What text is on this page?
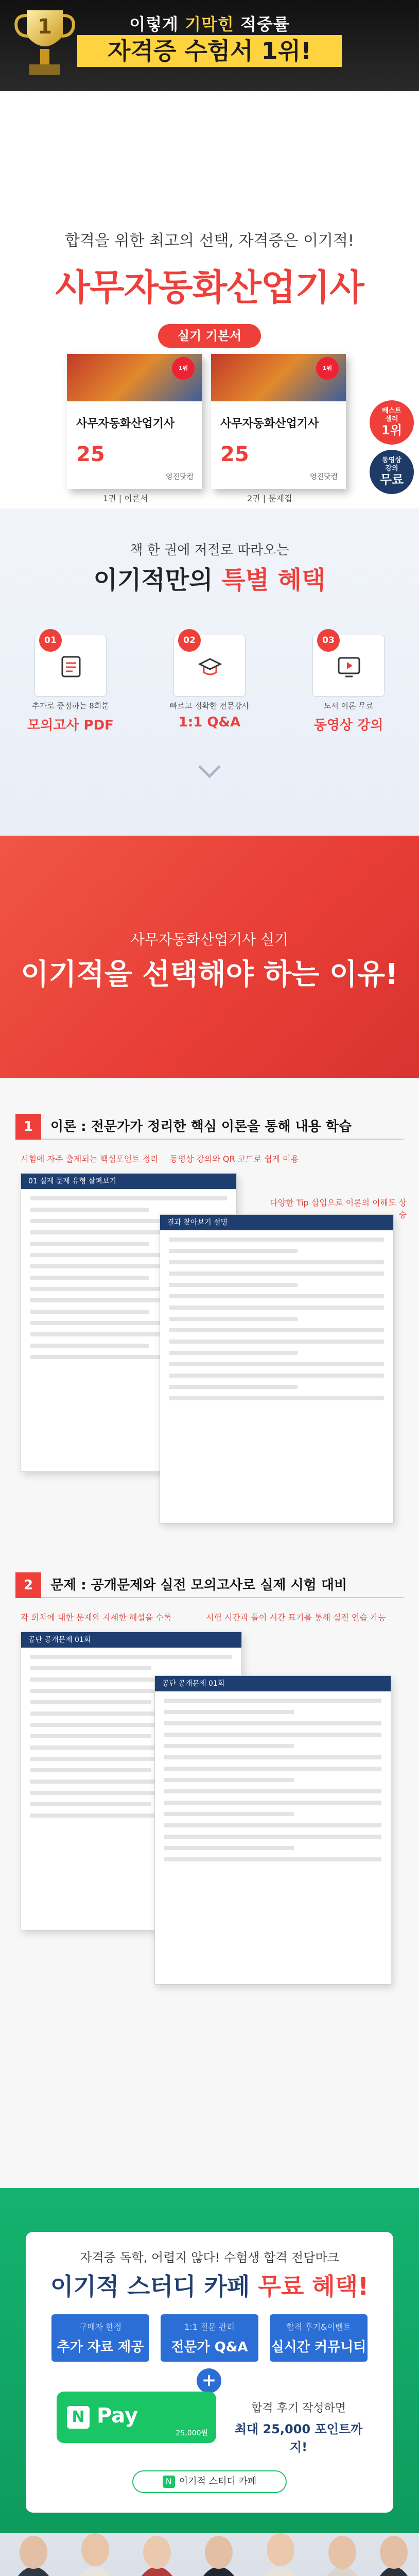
1	이렇게 기막힌 적중률
자격증 수험서 1위!
합격을 위한 최고의 선택, 자격증은 이기적!
사무자동화산업기사
실기 기본서
1위
사무자동화산업기사
25
영진닷컴
1위
사무자동화산업기사
25
영진닷컴
1권 | 이론서	2권 | 문제집
베스트
셀러
1위
동영상
강의
무료
책 한 권에 저절로 따라오는
이기적만의 특별 혜택
01	02	03
추가로 증정하는 8회분
모의고사 PDF
빠르고 정확한 전문강사
1:1 Q&A
도서 이론 무료
동영상 강의
사무자동화산업기사 실기
이기적을 선택해야 하는 이유!
1	이론 : 전문가가 정리한 핵심 이론을 통해 내용 학습
시험에 자주 출제되는 핵심포인트 정리 동영상 강의와 QR 코드로 쉽게 이용
다양한 Tip 삽입으로 이론의 이해도 상승
01 실제 문제 유형 살펴보기
결과 찾아보기 설명
2	문제 : 공개문제와 실전 모의고사로 실제 시험 대비
각 회차에 대한 문제와 자세한 해설을 수록	시험 시간과 풀이 시간 표기를 통해 실전 연습 가능
공단 공개문제 01회
공단 공개문제 01회
자격증 독학, 어렵지 않다! 수험생 합격 전담마크
이기적 스터디 카페 무료 혜택!
구매자 한정
추가 자료 제공
1:1 질문 관리
전문가 Q&A
합격 후기&이벤트
실시간 커뮤니티
+
N Pay
25,000원
합격 후기 작성하면
최대 25,000 포인트까지!
N 이기적 스터디 카페
